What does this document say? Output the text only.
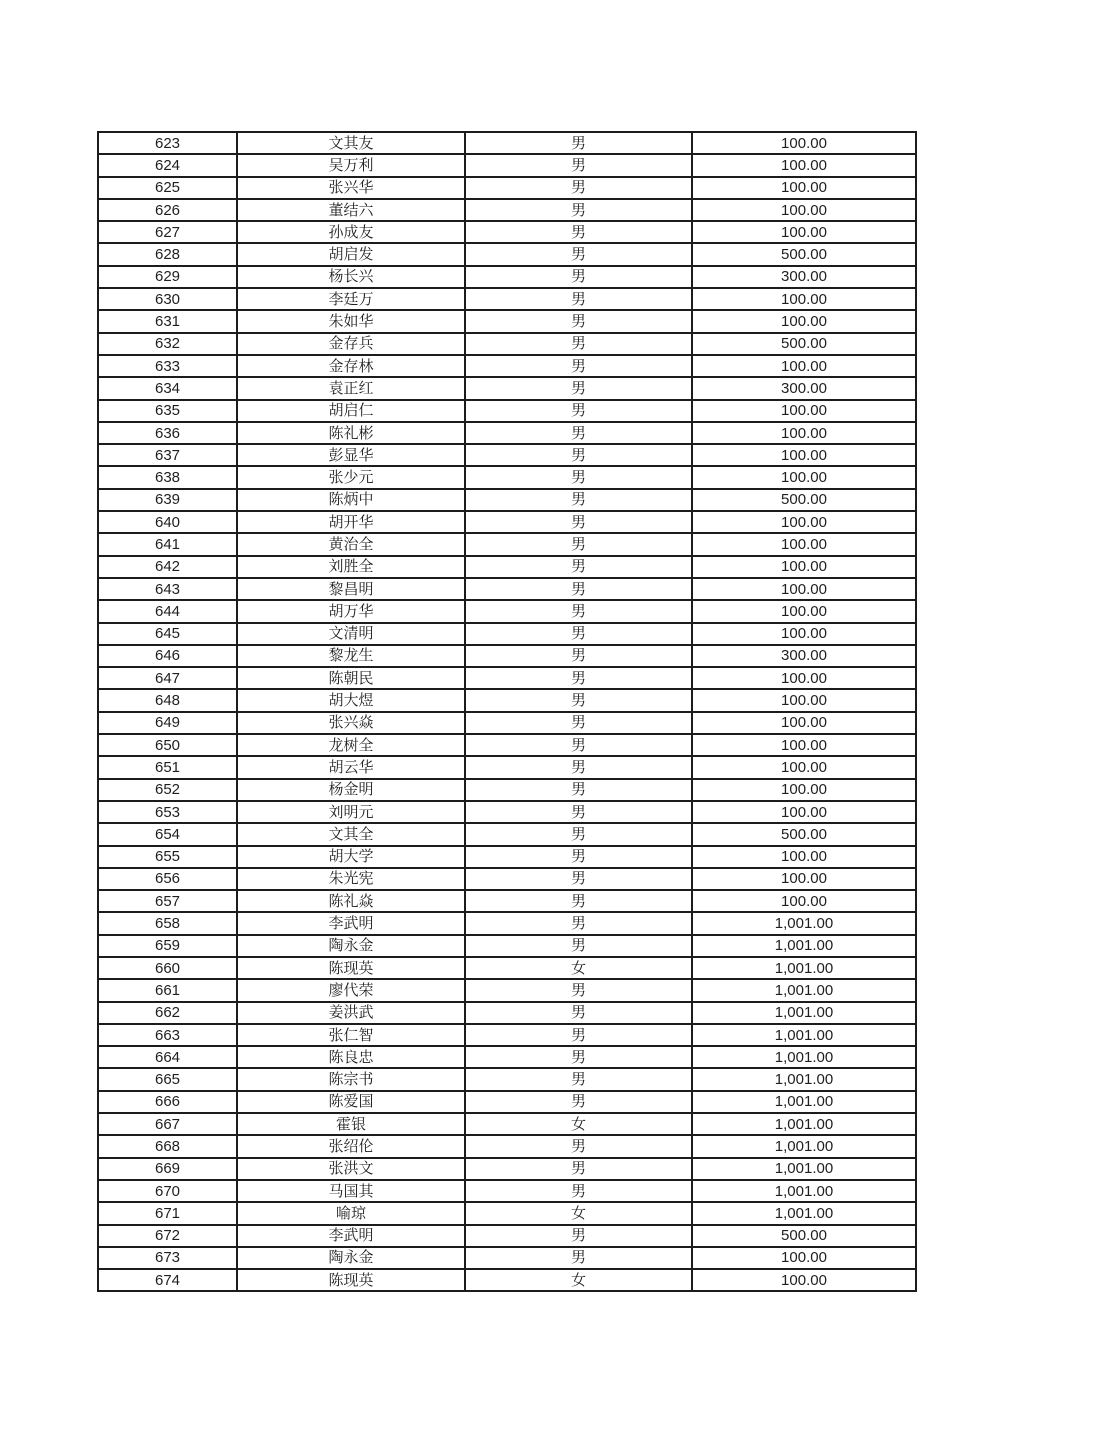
623	文其友	男	100.00
624	吴万利	男	100.00
625	张兴华	男	100.00
626	董结六	男	100.00
627	孙成友	男	100.00
628	胡启发	男	500.00
629	杨长兴	男	300.00
630	李廷万	男	100.00
631	朱如华	男	100.00
632	金存兵	男	500.00
633	金存林	男	100.00
634	袁正红	男	300.00
635	胡启仁	男	100.00
636	陈礼彬	男	100.00
637	彭显华	男	100.00
638	张少元	男	100.00
639	陈炳中	男	500.00
640	胡开华	男	100.00
641	黄治全	男	100.00
642	刘胜全	男	100.00
643	黎昌明	男	100.00
644	胡万华	男	100.00
645	文清明	男	100.00
646	黎龙生	男	300.00
647	陈朝民	男	100.00
648	胡大煜	男	100.00
649	张兴焱	男	100.00
650	龙树全	男	100.00
651	胡云华	男	100.00
652	杨金明	男	100.00
653	刘明元	男	100.00
654	文其全	男	500.00
655	胡大学	男	100.00
656	朱光宪	男	100.00
657	陈礼焱	男	100.00
658	李武明	男	1,001.00
659	陶永金	男	1,001.00
660	陈现英	女	1,001.00
661	廖代荣	男	1,001.00
662	姜洪武	男	1,001.00
663	张仁智	男	1,001.00
664	陈良忠	男	1,001.00
665	陈宗书	男	1,001.00
666	陈爱国	男	1,001.00
667	霍银	女	1,001.00
668	张绍伦	男	1,001.00
669	张洪文	男	1,001.00
670	马国其	男	1,001.00
671	喻琼	女	1,001.00
672	李武明	男	500.00
673	陶永金	男	100.00
674	陈现英	女	100.00
